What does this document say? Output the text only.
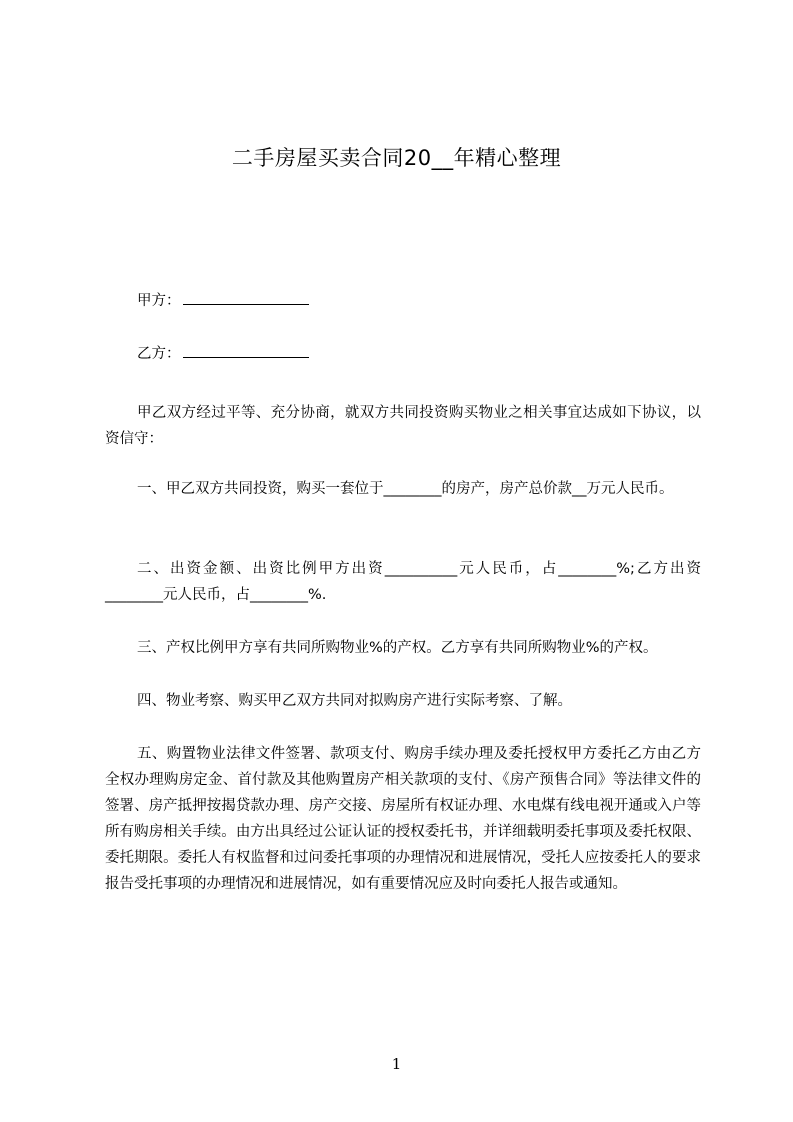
二手房屋买卖合同20__年精心整理
甲方：
乙方：
甲乙双方经过平等、充分协商，就双方共同投资购买物业之相关事宜达成如下协议，以资信守：
一、甲乙双方共同投资，购买一套位于________的房产，房产总价款__万元人民币。
二、出资金额、出资比例甲方出资__________元人民币，占________%;乙方出资________元人民币，占________%.
三、产权比例甲方享有共同所购物业%的产权。乙方享有共同所购物业%的产权。
四、物业考察、购买甲乙双方共同对拟购房产进行实际考察、了解。
五、购置物业法律文件签署、款项支付、购房手续办理及委托授权甲方委托乙方由乙方全权办理购房定金、首付款及其他购置房产相关款项的支付、《房产预售合同》等法律文件的签署、房产抵押按揭贷款办理、房产交接、房屋所有权证办理、水电煤有线电视开通或入户等所有购房相关手续。由方出具经过公证认证的授权委托书，并详细载明委托事项及委托权限、委托期限。委托人有权监督和过问委托事项的办理情况和进展情况，受托人应按委托人的要求报告受托事项的办理情况和进展情况，如有重要情况应及时向委托人报告或通知。
1
